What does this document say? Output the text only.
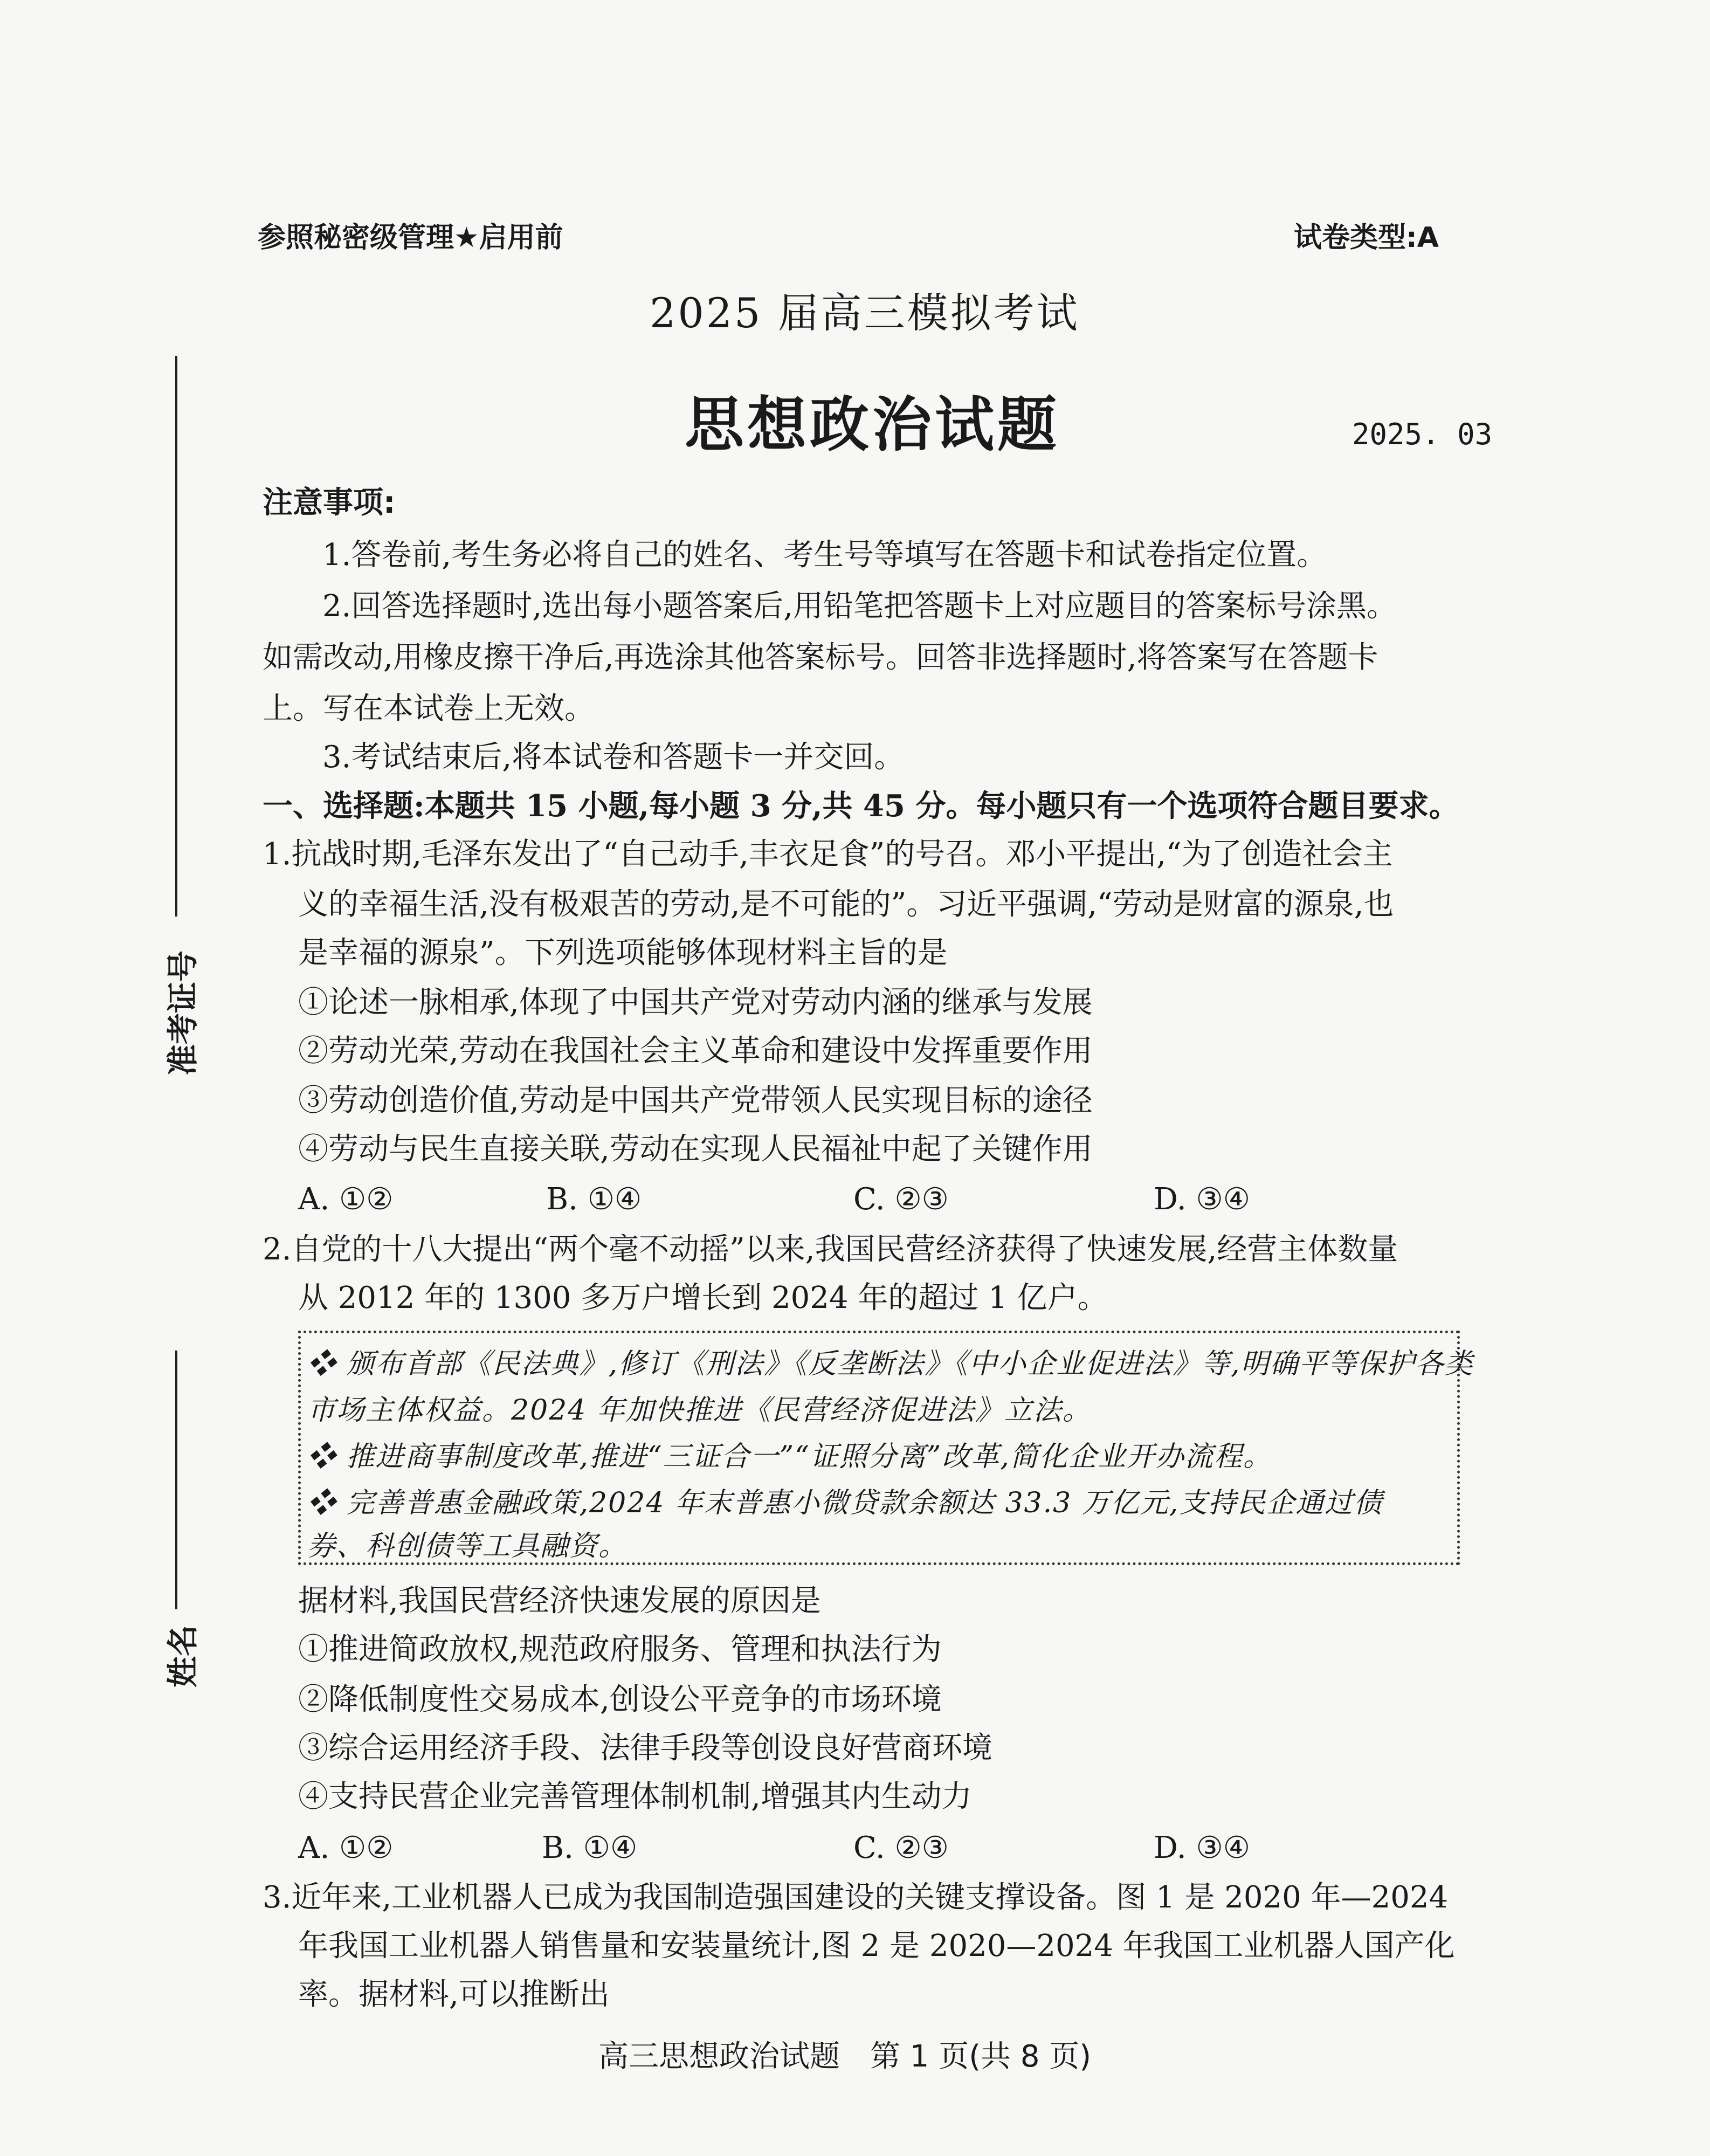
准考证号
姓名
参照秘密级管理★启用前	试卷类型:A
2025 届高三模拟考试
思想政治试题	2025. 03
注意事项:
1.答卷前,考生务必将自己的姓名、考生号等填写在答题卡和试卷指定位置。
2.回答选择题时,选出每小题答案后,用铅笔把答题卡上对应题目的答案标号涂黑。
如需改动,用橡皮擦干净后,再选涂其他答案标号。回答非选择题时,将答案写在答题卡
上。写在本试卷上无效。
3.考试结束后,将本试卷和答题卡一并交回。
一、选择题:本题共 15 小题,每小题 3 分,共 45 分。每小题只有一个选项符合题目要求。
1.抗战时期,毛泽东发出了“自己动手,丰衣足食”的号召。邓小平提出,“为了创造社会主
义的幸福生活,没有极艰苦的劳动,是不可能的”。习近平强调,“劳动是财富的源泉,也
是幸福的源泉”。下列选项能够体现材料主旨的是
①论述一脉相承,体现了中国共产党对劳动内涵的继承与发展
②劳动光荣,劳动在我国社会主义革命和建设中发挥重要作用
③劳动创造价值,劳动是中国共产党带领人民实现目标的途径
④劳动与民生直接关联,劳动在实现人民福祉中起了关键作用
A. ①②	B. ①④	C. ②③	D. ③④
2.自党的十八大提出“两个毫不动摇”以来,我国民营经济获得了快速发展,经营主体数量
从 2012 年的 1300 多万户增长到 2024 年的超过 1 亿户。
❖ 颁布首部《民法典》,修订《刑法》《反垄断法》《中小企业促进法》等,明确平等保护各类
市场主体权益。2024 年加快推进《民营经济促进法》立法。
❖ 推进商事制度改革,推进“三证合一”“证照分离”改革,简化企业开办流程。
❖ 完善普惠金融政策,2024 年末普惠小微贷款余额达 33.3 万亿元,支持民企通过债
券、科创债等工具融资。
据材料,我国民营经济快速发展的原因是
①推进简政放权,规范政府服务、管理和执法行为
②降低制度性交易成本,创设公平竞争的市场环境
③综合运用经济手段、法律手段等创设良好营商环境
④支持民营企业完善管理体制机制,增强其内生动力
A. ①②	B. ①④	C. ②③	D. ③④
3.近年来,工业机器人已成为我国制造强国建设的关键支撑设备。图 1 是 2020 年—2024
年我国工业机器人销售量和安装量统计,图 2 是 2020—2024 年我国工业机器人国产化
率。据材料,可以推断出
高三思想政治试题　第 1 页(共 8 页)
